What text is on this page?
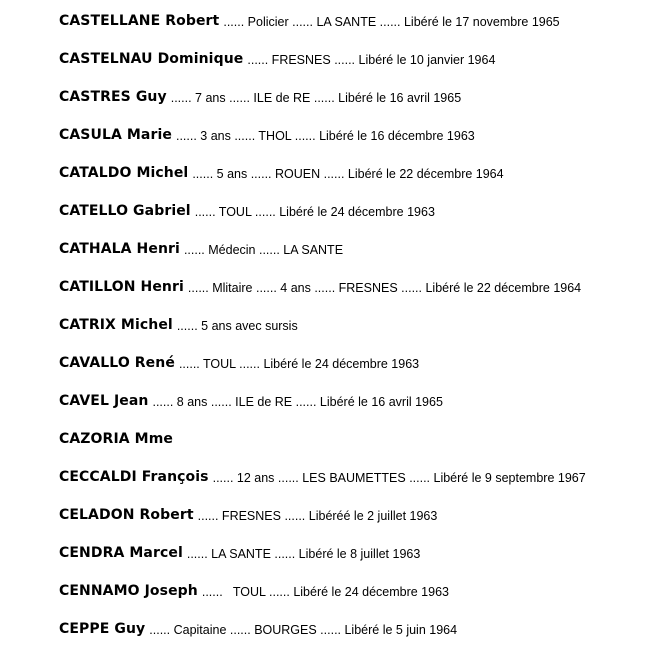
CASTELLANE Robert ...... Policier ...... LA SANTE ...... Libéré le 17 novembre 1965
CASTELNAU Dominique ...... FRESNES ...... Libéré le 10 janvier 1964
CASTRES Guy ...... 7 ans ...... ILE de RE ...... Libéré le 16 avril 1965
CASULA Marie ...... 3 ans ...... THOL ...... Libéré le 16 décembre 1963
CATALDO Michel ...... 5 ans ...... ROUEN ...... Libéré le 22 décembre 1964
CATELLO Gabriel ...... TOUL ...... Libéré le 24 décembre 1963
CATHALA Henri ...... Médecin ...... LA SANTE
CATILLON Henri ...... Mlitaire ...... 4 ans ...... FRESNES ...... Libéré le 22 décembre 1964
CATRIX Michel ...... 5 ans avec sursis
CAVALLO René ...... TOUL ...... Libéré le 24 décembre 1963
CAVEL Jean ...... 8 ans ...... ILE de RE ...... Libéré le 16 avril 1965
CAZORIA Mme
CECCALDI François ...... 12 ans ...... LES BAUMETTES ...... Libéré le 9 septembre 1967
CELADON Robert ...... FRESNES ...... Libéréé le 2 juillet 1963
CENDRA Marcel ...... LA SANTE ...... Libéré le 8 juillet 1963
CENNAMO Joseph ......   TOUL ...... Libéré le 24 décembre 1963
CEPPE Guy ...... Capitaine ...... BOURGES ...... Libéré le 5 juin 1964
